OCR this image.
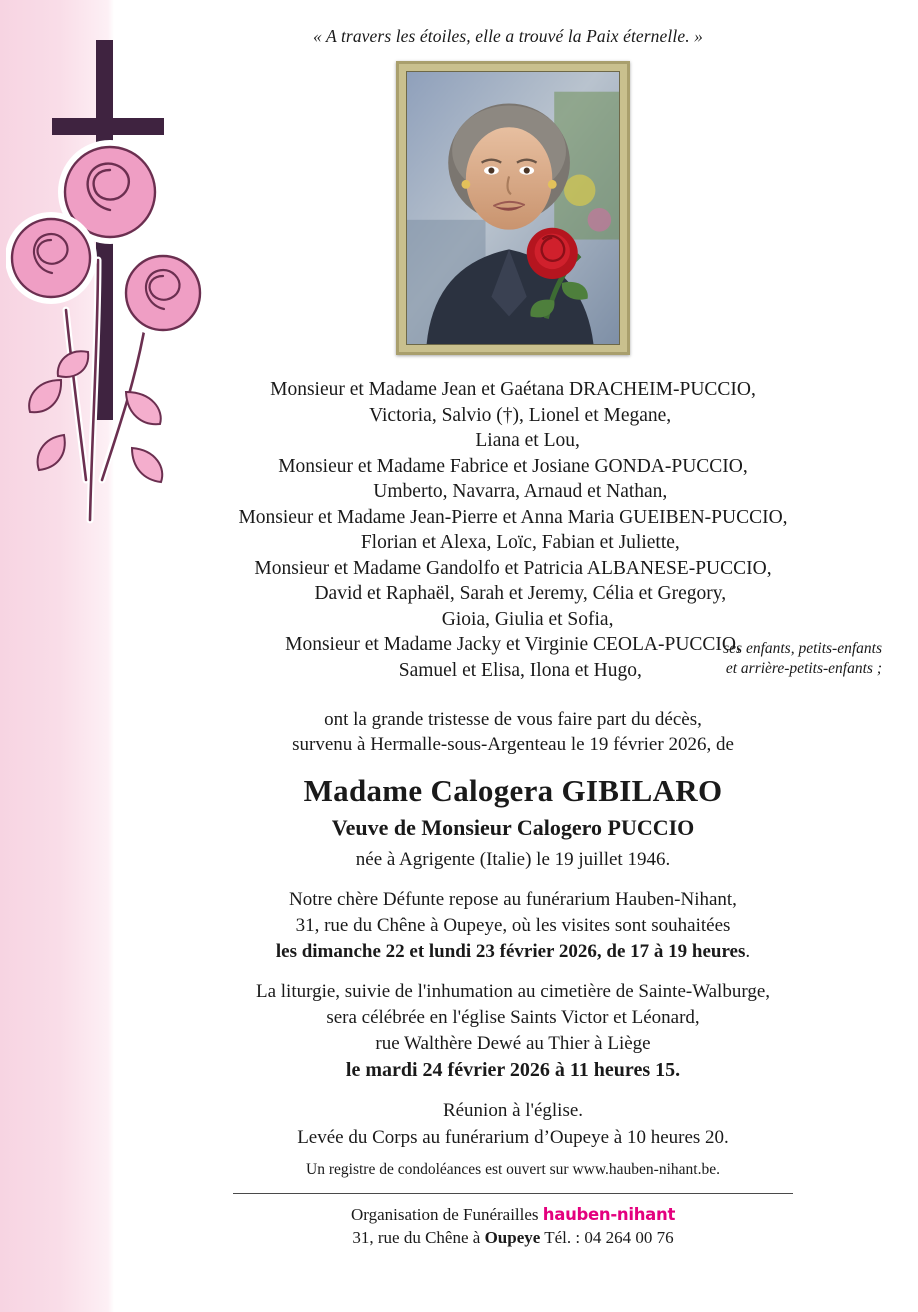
« A travers les étoiles, elle a trouvé la Paix éternelle. »
Monsieur et Madame Jean et Gaétana DRACHEIM-PUCCIO,
Victoria, Salvio (†), Lionel et Megane,
Liana et Lou,
Monsieur et Madame Fabrice et Josiane GONDA-PUCCIO,
Umberto, Navarra, Arnaud et Nathan,
Monsieur et Madame Jean-Pierre et Anna Maria GUEIBEN-PUCCIO,
Florian et Alexa, Loïc, Fabian et Juliette,
Monsieur et Madame Gandolfo et Patricia ALBANESE-PUCCIO,
David et Raphaël, Sarah et Jeremy, Célia et Gregory,
Gioia, Giulia et Sofia,
Monsieur et Madame Jacky et Virginie CEOLA-PUCCIO,
Samuel et Elisa, Ilona et Hugo,
ses enfants, petits-enfants
et arrière-petits-enfants ;
ont la grande tristesse de vous faire part du décès,
survenu à Hermalle-sous-Argenteau le 19 février 2026, de
Madame Calogera GIBILARO
Veuve de Monsieur Calogero PUCCIO
née à Agrigente (Italie) le 19 juillet 1946.
Notre chère Défunte repose au funérarium Hauben-Nihant,
31, rue du Chêne à Oupeye, où les visites sont souhaitées
les dimanche 22 et lundi 23 février 2026, de 17 à 19 heures.
La liturgie, suivie de l'inhumation au cimetière de Sainte-Walburge,
sera célébrée en l'église Saints Victor et Léonard,
rue Walthère Dewé au Thier à Liège
le mardi 24 février 2026 à 11 heures 15.
Réunion à l'église.
Levée du Corps au funérarium d’Oupeye à 10 heures 20.
Un registre de condoléances est ouvert sur www.hauben-nihant.be.
Organisation de Funérailles hauben-nihant
31, rue du Chêne à Oupeye Tél. : 04 264 00 76
